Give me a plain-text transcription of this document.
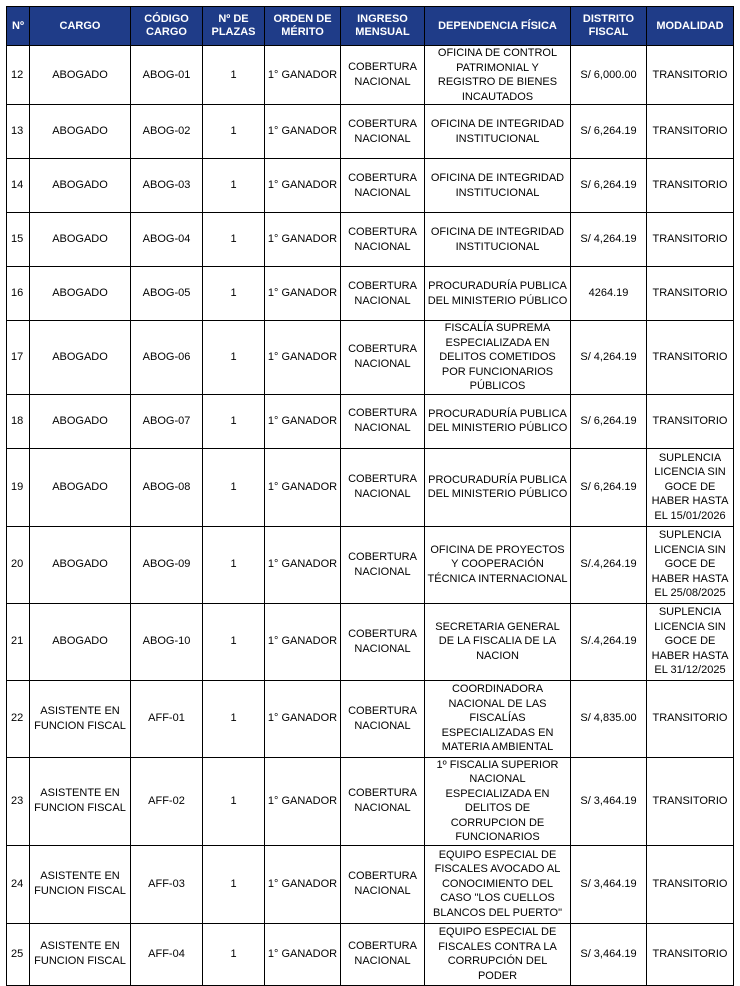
Nº	CARGO	CÓDIGO CARGO	Nº DE PLAZAS	ORDEN DE MÉRITO	INGRESO MENSUAL	DEPENDENCIA FÍSICA	DISTRITO FISCAL	MODALIDAD
12	ABOGADO	ABOG-01	1	1° GANADOR	COBERTURA NACIONAL	OFICINA DE CONTROL PATRIMONIAL Y REGISTRO DE BIENES INCAUTADOS	S/ 6,000.00	TRANSITORIO
13	ABOGADO	ABOG-02	1	1° GANADOR	COBERTURA NACIONAL	OFICINA DE INTEGRIDAD INSTITUCIONAL	S/ 6,264.19	TRANSITORIO
14	ABOGADO	ABOG-03	1	1° GANADOR	COBERTURA NACIONAL	OFICINA DE INTEGRIDAD INSTITUCIONAL	S/ 6,264.19	TRANSITORIO
15	ABOGADO	ABOG-04	1	1° GANADOR	COBERTURA NACIONAL	OFICINA DE INTEGRIDAD INSTITUCIONAL	S/ 4,264.19	TRANSITORIO
16	ABOGADO	ABOG-05	1	1° GANADOR	COBERTURA NACIONAL	PROCURADURÍA PUBLICA DEL MINISTERIO PÚBLICO	4264.19	TRANSITORIO
17	ABOGADO	ABOG-06	1	1° GANADOR	COBERTURA NACIONAL	FISCALÍA SUPREMA ESPECIALIZADA EN DELITOS COMETIDOS POR FUNCIONARIOS PÚBLICOS	S/ 4,264.19	TRANSITORIO
18	ABOGADO	ABOG-07	1	1° GANADOR	COBERTURA NACIONAL	PROCURADURÍA PUBLICA DEL MINISTERIO PÚBLICO	S/ 6,264.19	TRANSITORIO
19	ABOGADO	ABOG-08	1	1° GANADOR	COBERTURA NACIONAL	PROCURADURÍA PUBLICA DEL MINISTERIO PÚBLICO	S/ 6,264.19	SUPLENCIA LICENCIA SIN GOCE DE HABER HASTA EL 15/01/2026
20	ABOGADO	ABOG-09	1	1° GANADOR	COBERTURA NACIONAL	OFICINA DE PROYECTOS Y COOPERACIÓN TÉCNICA INTERNACIONAL	S/.4,264.19	SUPLENCIA LICENCIA SIN GOCE DE HABER HASTA EL 25/08/2025
21	ABOGADO	ABOG-10	1	1° GANADOR	COBERTURA NACIONAL	SECRETARIA GENERAL DE LA FISCALIA DE LA NACION	S/.4,264.19	SUPLENCIA LICENCIA SIN GOCE DE HABER HASTA EL 31/12/2025
22	ASISTENTE EN FUNCION FISCAL	AFF-01	1	1° GANADOR	COBERTURA NACIONAL	COORDINADORA NACIONAL DE LAS FISCALÍAS ESPECIALIZADAS EN MATERIA AMBIENTAL	S/ 4,835.00	TRANSITORIO
23	ASISTENTE EN FUNCION FISCAL	AFF-02	1	1° GANADOR	COBERTURA NACIONAL	1º FISCALIA SUPERIOR NACIONAL ESPECIALIZADA EN DELITOS DE CORRUPCION DE FUNCIONARIOS	S/ 3,464.19	TRANSITORIO
24	ASISTENTE EN FUNCION FISCAL	AFF-03	1	1° GANADOR	COBERTURA NACIONAL	EQUIPO ESPECIAL DE FISCALES AVOCADO AL CONOCIMIENTO DEL CASO "LOS CUELLOS BLANCOS DEL PUERTO"	S/ 3,464.19	TRANSITORIO
25	ASISTENTE EN FUNCION FISCAL	AFF-04	1	1° GANADOR	COBERTURA NACIONAL	EQUIPO ESPECIAL DE FISCALES CONTRA LA CORRUPCIÓN DEL PODER	S/ 3,464.19	TRANSITORIO
